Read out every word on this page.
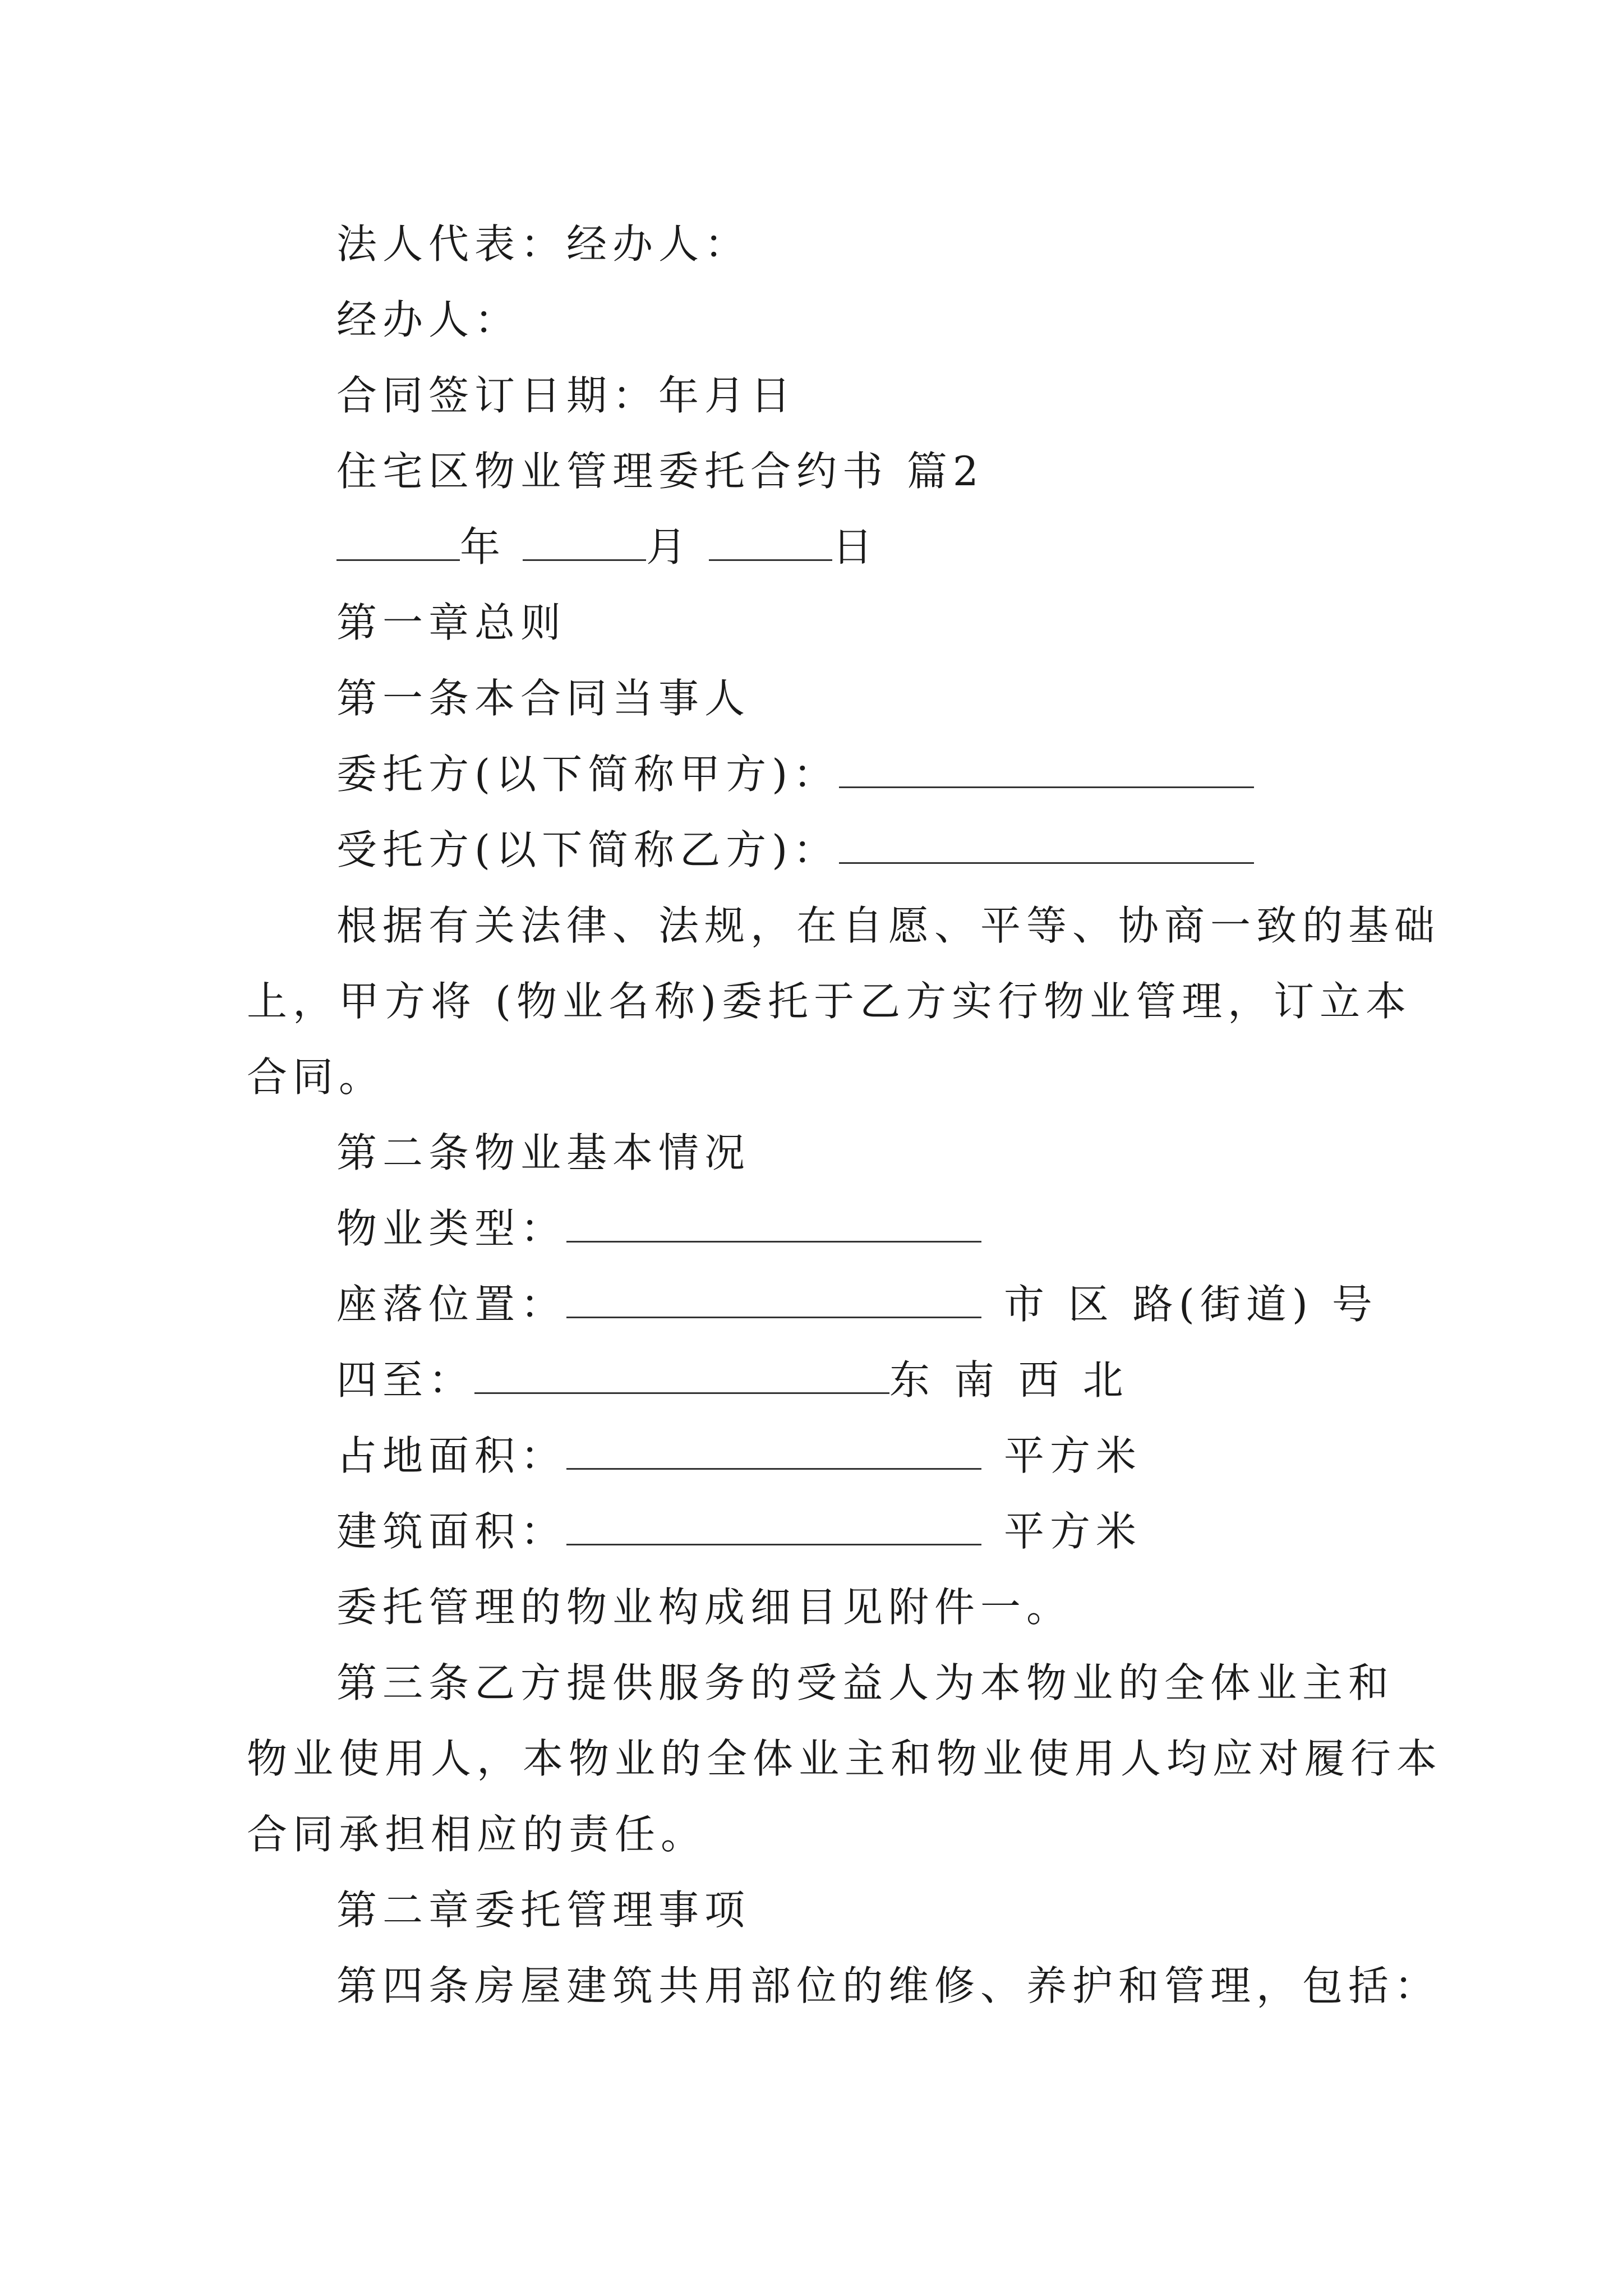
法人代表：经办人：
经办人：
合同签订日期：年月日
住宅区物业管理委托合约书 篇2
年	月	日
第一章总则
第一条本合同当事人
委托方(以下简称甲方)：
受托方(以下简称乙方)：
根据有关法律、法规，在自愿、平等、协商一致的基础
上，甲方将 (物业名称)委托于乙方实行物业管理，订立本
合同。
第二条物业基本情况
物业类型：
座落位置：	市 区 路(街道) 号
四至：	东 南 西 北
占地面积：	平方米
建筑面积：	平方米
委托管理的物业构成细目见附件一。
第三条乙方提供服务的受益人为本物业的全体业主和
物业使用人，本物业的全体业主和物业使用人均应对履行本
合同承担相应的责任。
第二章委托管理事项
第四条房屋建筑共用部位的维修、养护和管理，包括：
